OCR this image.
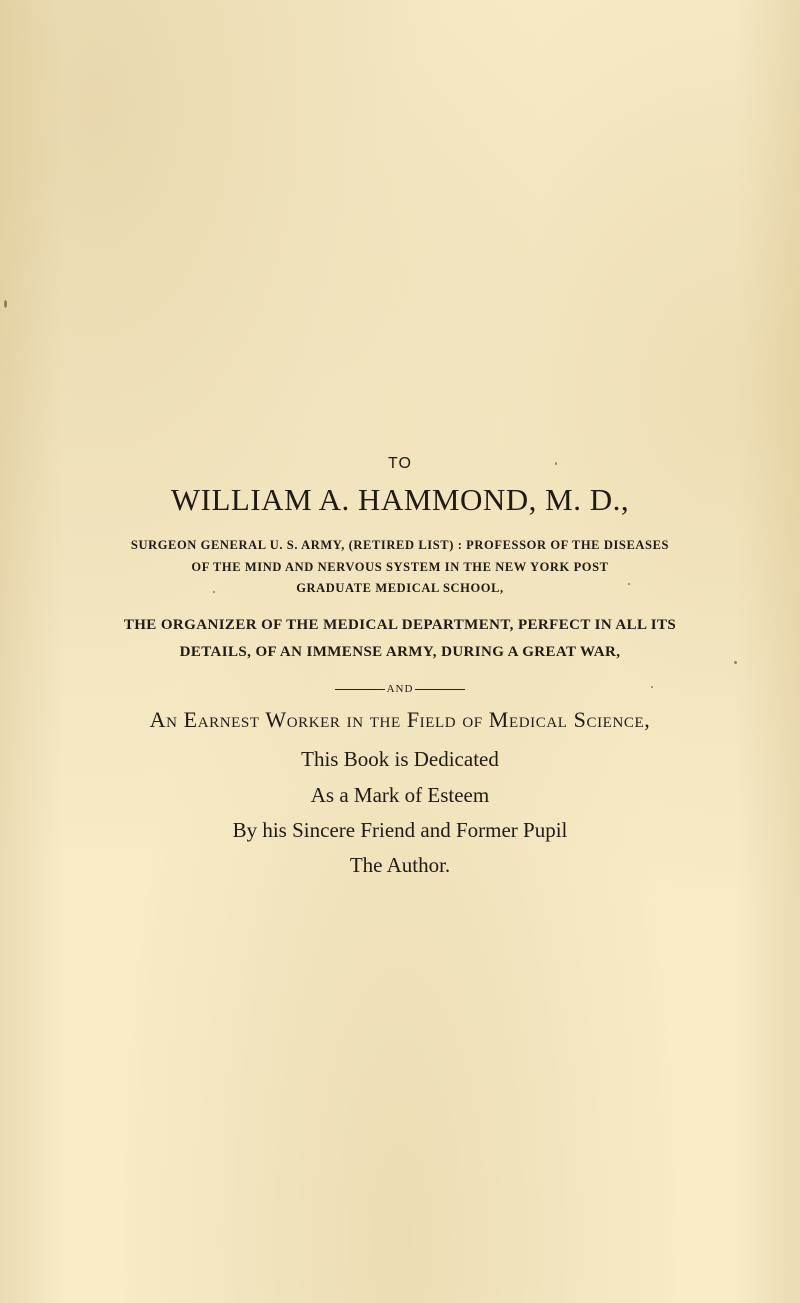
TO
WILLIAM A. HAMMOND, M. D.,
SURGEON GENERAL U. S. ARMY, (RETIRED LIST) : PROFESSOR OF THE DISEASES
OF THE MIND AND NERVOUS SYSTEM IN THE NEW YORK POST
GRADUATE MEDICAL SCHOOL,
THE ORGANIZER OF THE MEDICAL DEPARTMENT, PERFECT IN ALL ITS
DETAILS, OF AN IMMENSE ARMY, DURING A GREAT WAR,
AND
An Earnest Worker in the Field of Medical Science,
This Book is Dedicated
As a Mark of Esteem
By his Sincere Friend and Former Pupil
The Author.
